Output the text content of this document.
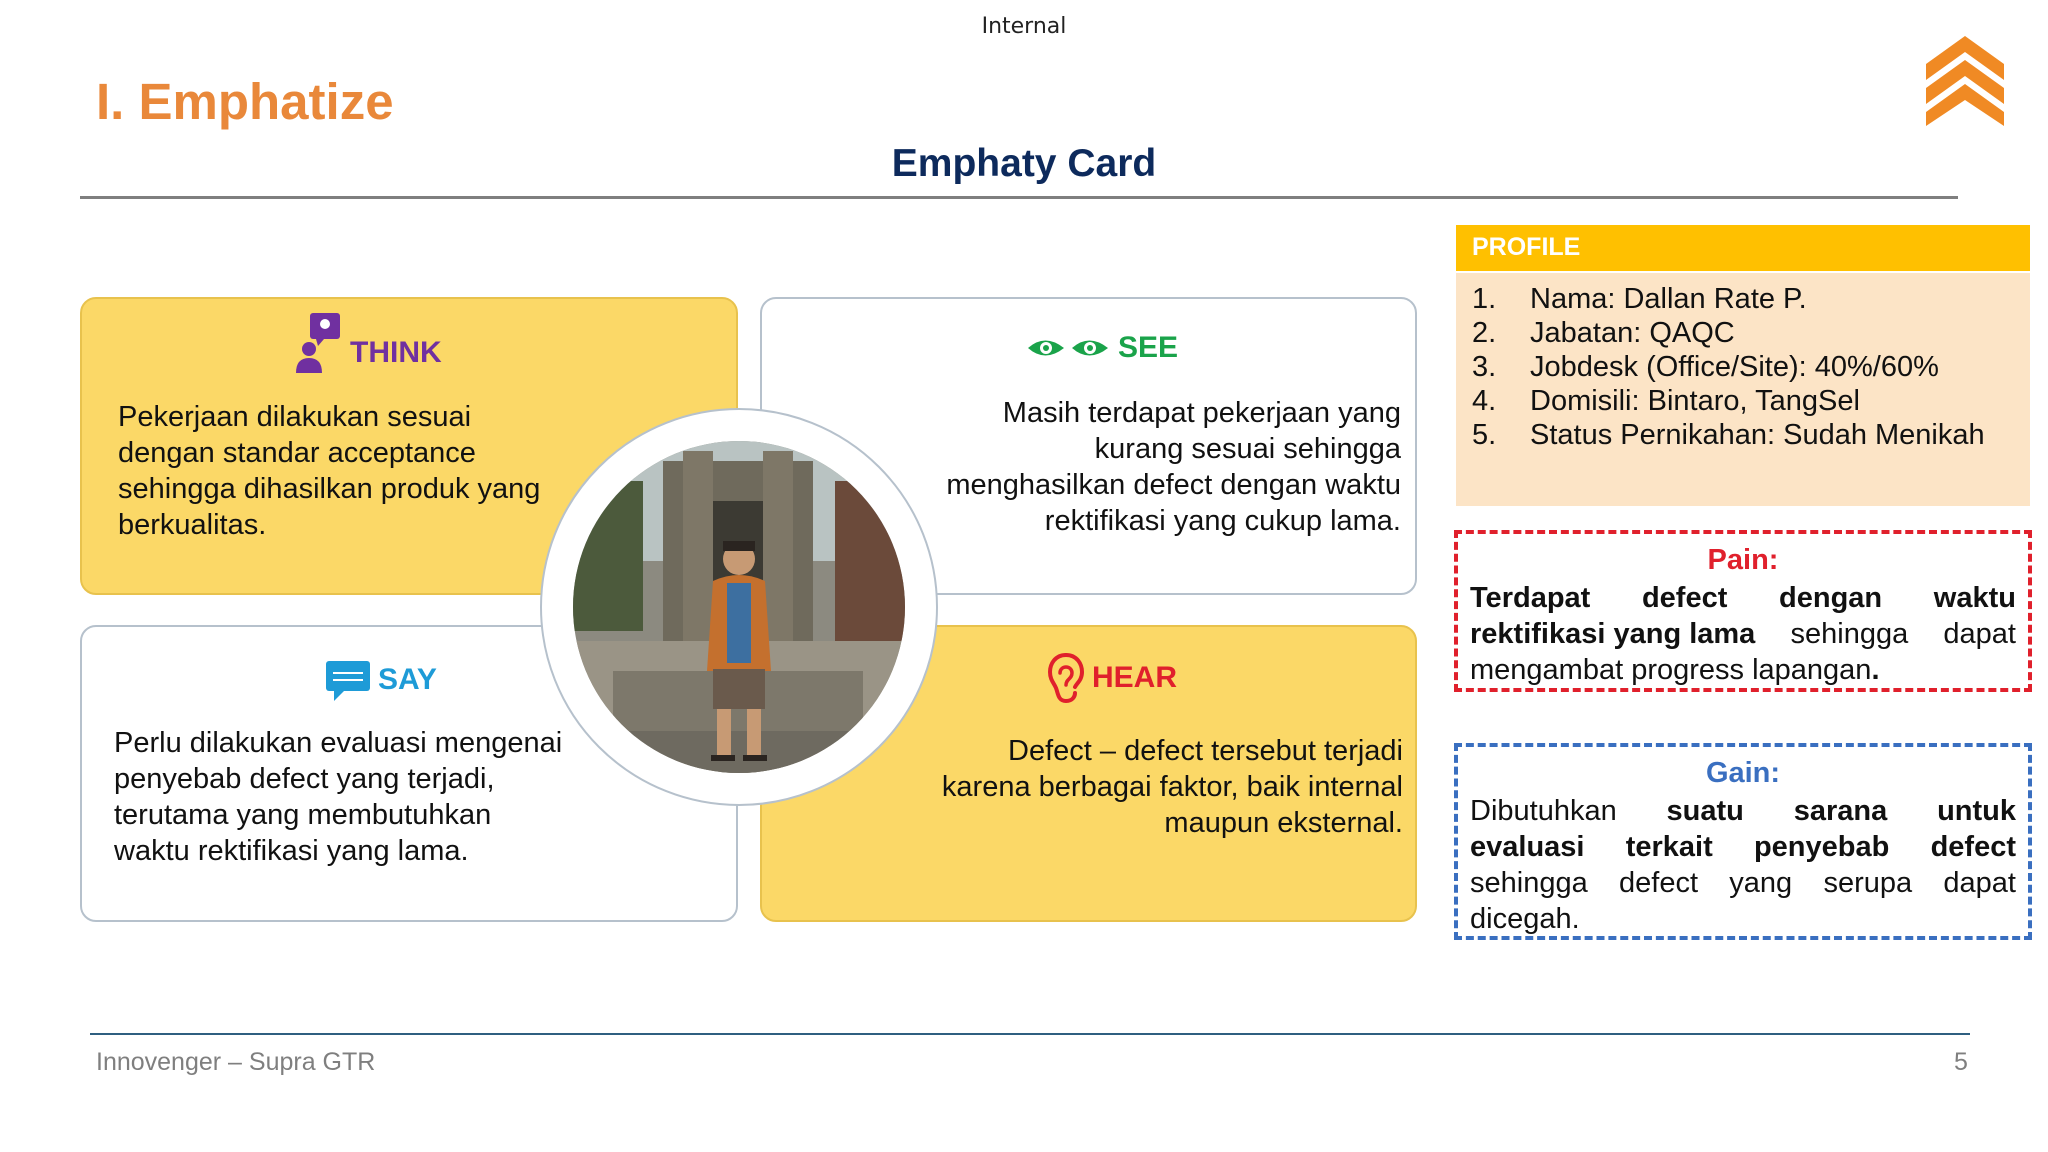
Internal
I. Emphatize
Emphaty Card
THINK
Pekerjaan dilakukan sesuai
dengan standar acceptance
sehingga dihasilkan produk yang
berkualitas.
SEE
Masih terdapat pekerjaan yang
kurang sesuai sehingga
menghasilkan defect dengan waktu
rektifikasi yang cukup lama.
SAY
Perlu dilakukan evaluasi mengenai
penyebab defect yang terjadi,
terutama yang membutuhkan
waktu rektifikasi yang lama.
HEAR
Defect – defect tersebut terjadi
karena berbagai faktor, baik internal
maupun eksternal.
PROFILE
1. Nama: Dallan Rate P.
2. Jabatan: QAQC
3. Jobdesk (Office/Site): 40%/60%
4. Domisili: Bintaro, TangSel
5. Status Pernikahan: Sudah Menikah
Pain:
Terdapat defect dengan waktu
rektifikasi yang lama sehingga dapat
mengambat progress lapangan .
Gain:
Dibutuhkan suatu sarana untuk
evaluasi terkait penyebab defect
sehingga defect yang serupa dapat
dicegah.
Innovenger – Supra GTR	5
